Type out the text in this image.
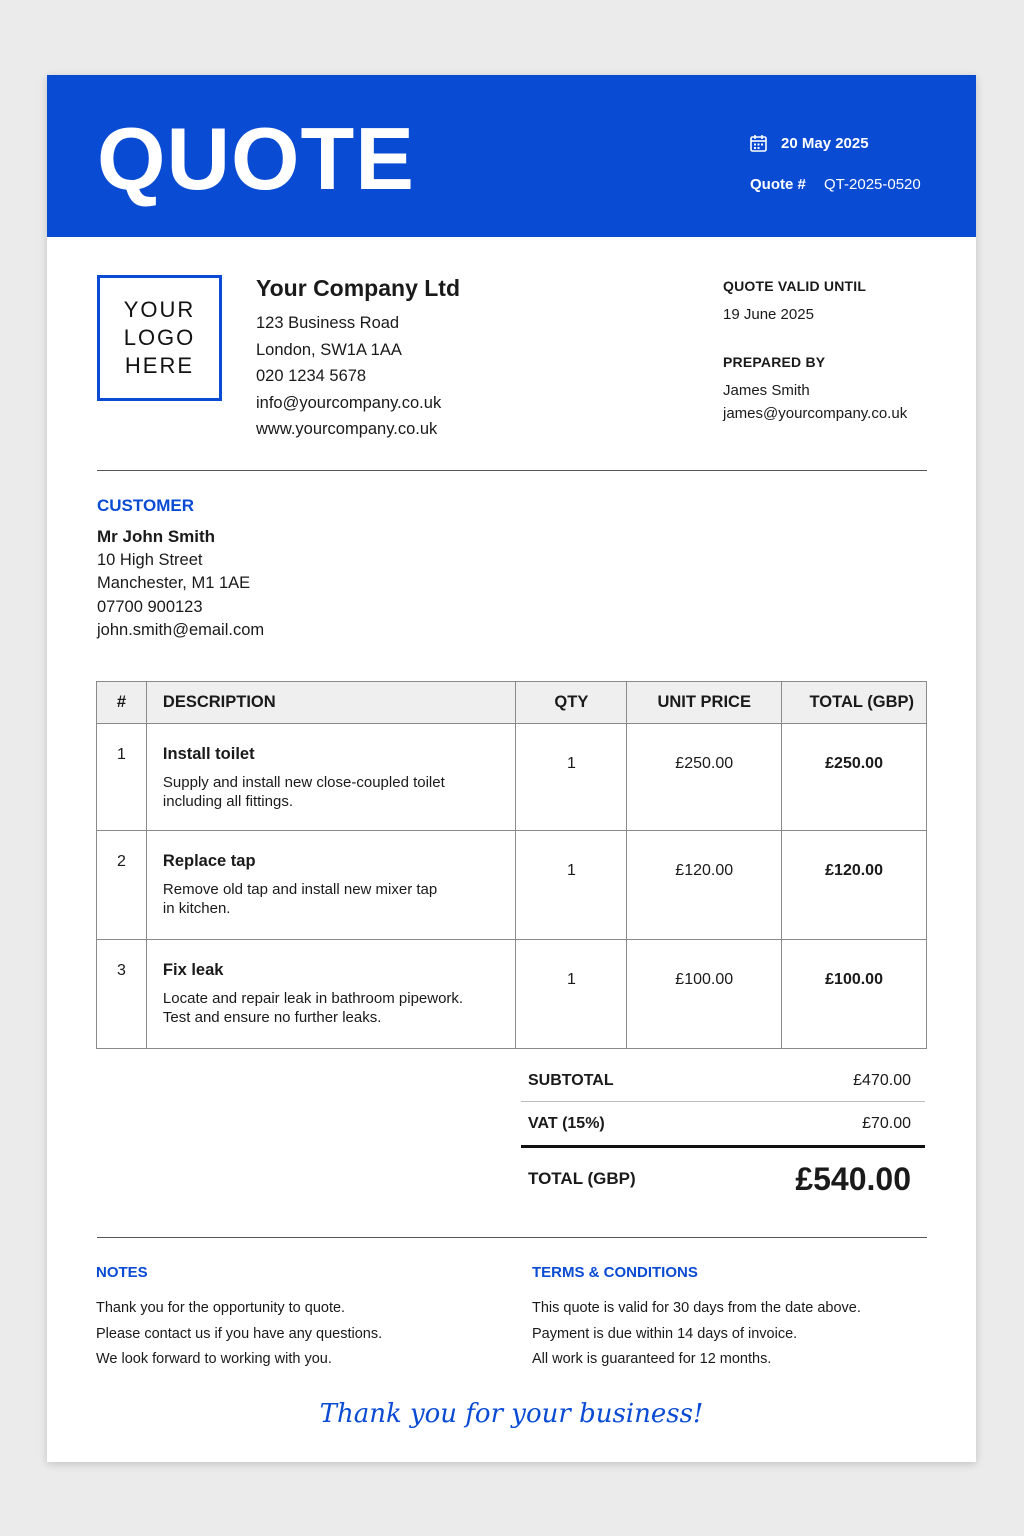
QUOTE	20 May 2025
Quote # QT-2025-0520
YOUR
LOGO
HERE
Your Company Ltd
123 Business Road
London, SW1A 1AA
020 1234 5678
info@yourcompany.co.uk
www.yourcompany.co.uk
QUOTE VALID UNTIL
19 June 2025
PREPARED BY
James Smith
james@yourcompany.co.uk
CUSTOMER
Mr John Smith
10 High Street
Manchester, M1 1AE
07700 900123
john.smith@email.com
#	DESCRIPTION	QTY	UNIT PRICE	TOTAL (GBP)
1	Install toilet
Supply and install new close-coupled toilet
including all fittings.	1	£250.00	£250.00
2	Replace tap
Remove old tap and install new mixer tap
in kitchen.	1	£120.00	£120.00
3	Fix leak
Locate and repair leak in bathroom pipework.
Test and ensure no further leaks.	1	£100.00	£100.00
SUBTOTAL	£470.00
VAT (15%)	£70.00
TOTAL (GBP)	£540.00
NOTES
Thank you for the opportunity to quote.
Please contact us if you have any questions.
We look forward to working with you.
TERMS & CONDITIONS
This quote is valid for 30 days from the date above.
Payment is due within 14 days of invoice.
All work is guaranteed for 12 months.
Thank you for your business!
